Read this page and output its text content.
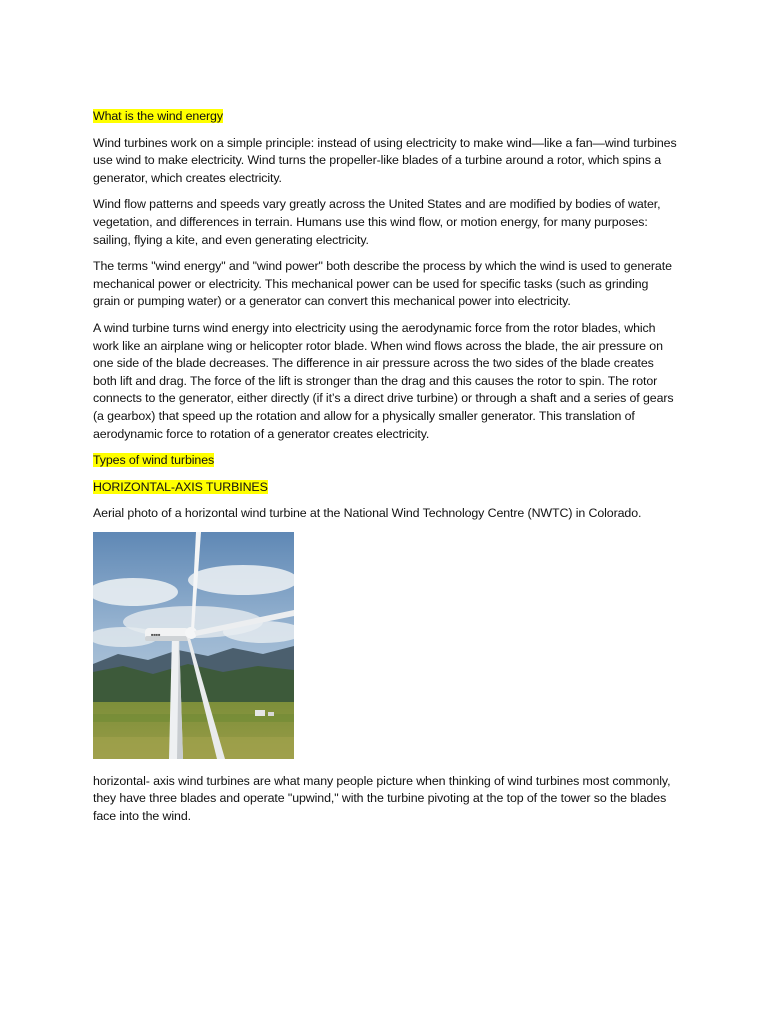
What is the wind energy

Wind turbines work on a simple principle: instead of using electricity to make wind—like a fan—wind turbines use wind to make electricity. Wind turns the propeller-like blades of a turbine around a rotor, which spins a generator, which creates electricity.

Wind flow patterns and speeds vary greatly across the United States and are modified by bodies of water, vegetation, and differences in terrain. Humans use this wind flow, or motion energy, for many purposes: sailing, flying a kite, and even generating electricity.

The terms "wind energy" and "wind power" both describe the process by which the wind is used to generate mechanical power or electricity. This mechanical power can be used for specific tasks (such as grinding grain or pumping water) or a generator can convert this mechanical power into electricity.

A wind turbine turns wind energy into electricity using the aerodynamic force from the rotor blades, which work like an airplane wing or helicopter rotor blade. When wind flows across the blade, the air pressure on one side of the blade decreases. The difference in air pressure across the two sides of the blade creates both lift and drag. The force of the lift is stronger than the drag and this causes the rotor to spin. The rotor connects to the generator, either directly (if it’s a direct drive turbine) or through a shaft and a series of gears (a gearbox) that speed up the rotation and allow for a physically smaller generator. This translation of aerodynamic force to rotation of a generator creates electricity.

Types of wind turbines
HORIZONTAL-AXIS TURBINES

Aerial photo of a horizontal wind turbine at the National Wind Technology Centre (NWTC) in Colorado.

■■■■

horizontal- axis wind turbines are what many people picture when thinking of wind turbines most commonly, they have three blades and operate "upwind," with the turbine pivoting at the top of the tower so the blades face into the wind.
